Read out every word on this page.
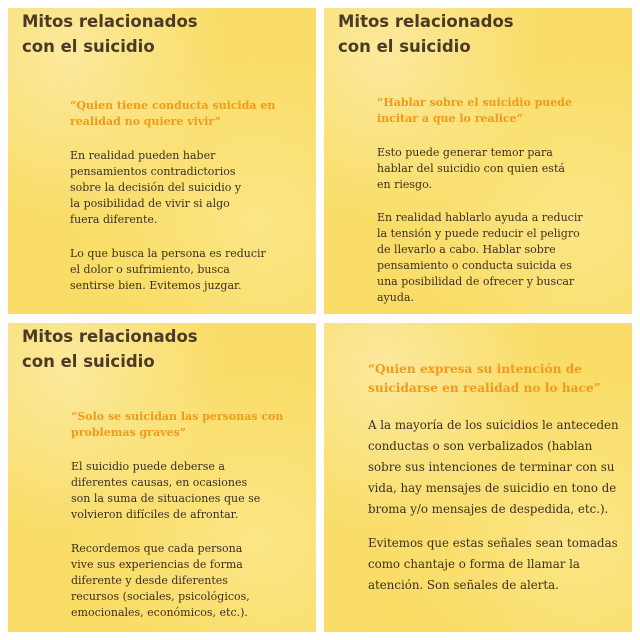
Mitos relacionados
con el suicidio

“Quien tiene conducta suicida en
realidad no quiere vivir”

En realidad pueden haber
pensamientos contradictorios
sobre la decisión del suicidio y
la posibilidad de vivir si algo
fuera diferente.

Lo que busca la persona es reducir
el dolor o sufrimiento, busca
sentirse bien. Evitemos juzgar.

Mitos relacionados
con el suicidio

“Hablar sobre el suicidio puede
incitar a que lo realice”

Esto puede generar temor para
hablar del suicidio con quien está
en riesgo.

En realidad hablarlo ayuda a reducir
la tensión y puede reducir el peligro
de llevarlo a cabo. Hablar sobre
pensamiento o conducta suicida es
una posibilidad de ofrecer y buscar
ayuda.

Mitos relacionados
con el suicidio

“Solo se suicidan las personas con
problemas graves”

El suicidio puede deberse a
diferentes causas, en ocasiones
son la suma de situaciones que se
volvieron difíciles de afrontar.

Recordemos que cada persona
vive sus experiencias de forma
diferente y desde diferentes
recursos (sociales, psicológicos,
emocionales, económicos, etc.).

“Quien expresa su intención de
suicidarse en realidad no lo hace”

A la mayoría de los suicidios le anteceden
conductas o son verbalizados (hablan
sobre sus intenciones de terminar con su
vida, hay mensajes de suicidio en tono de
broma y/o mensajes de despedida, etc.).

Evitemos que estas señales sean tomadas
como chantaje o forma de llamar la
atención. Son señales de alerta.
